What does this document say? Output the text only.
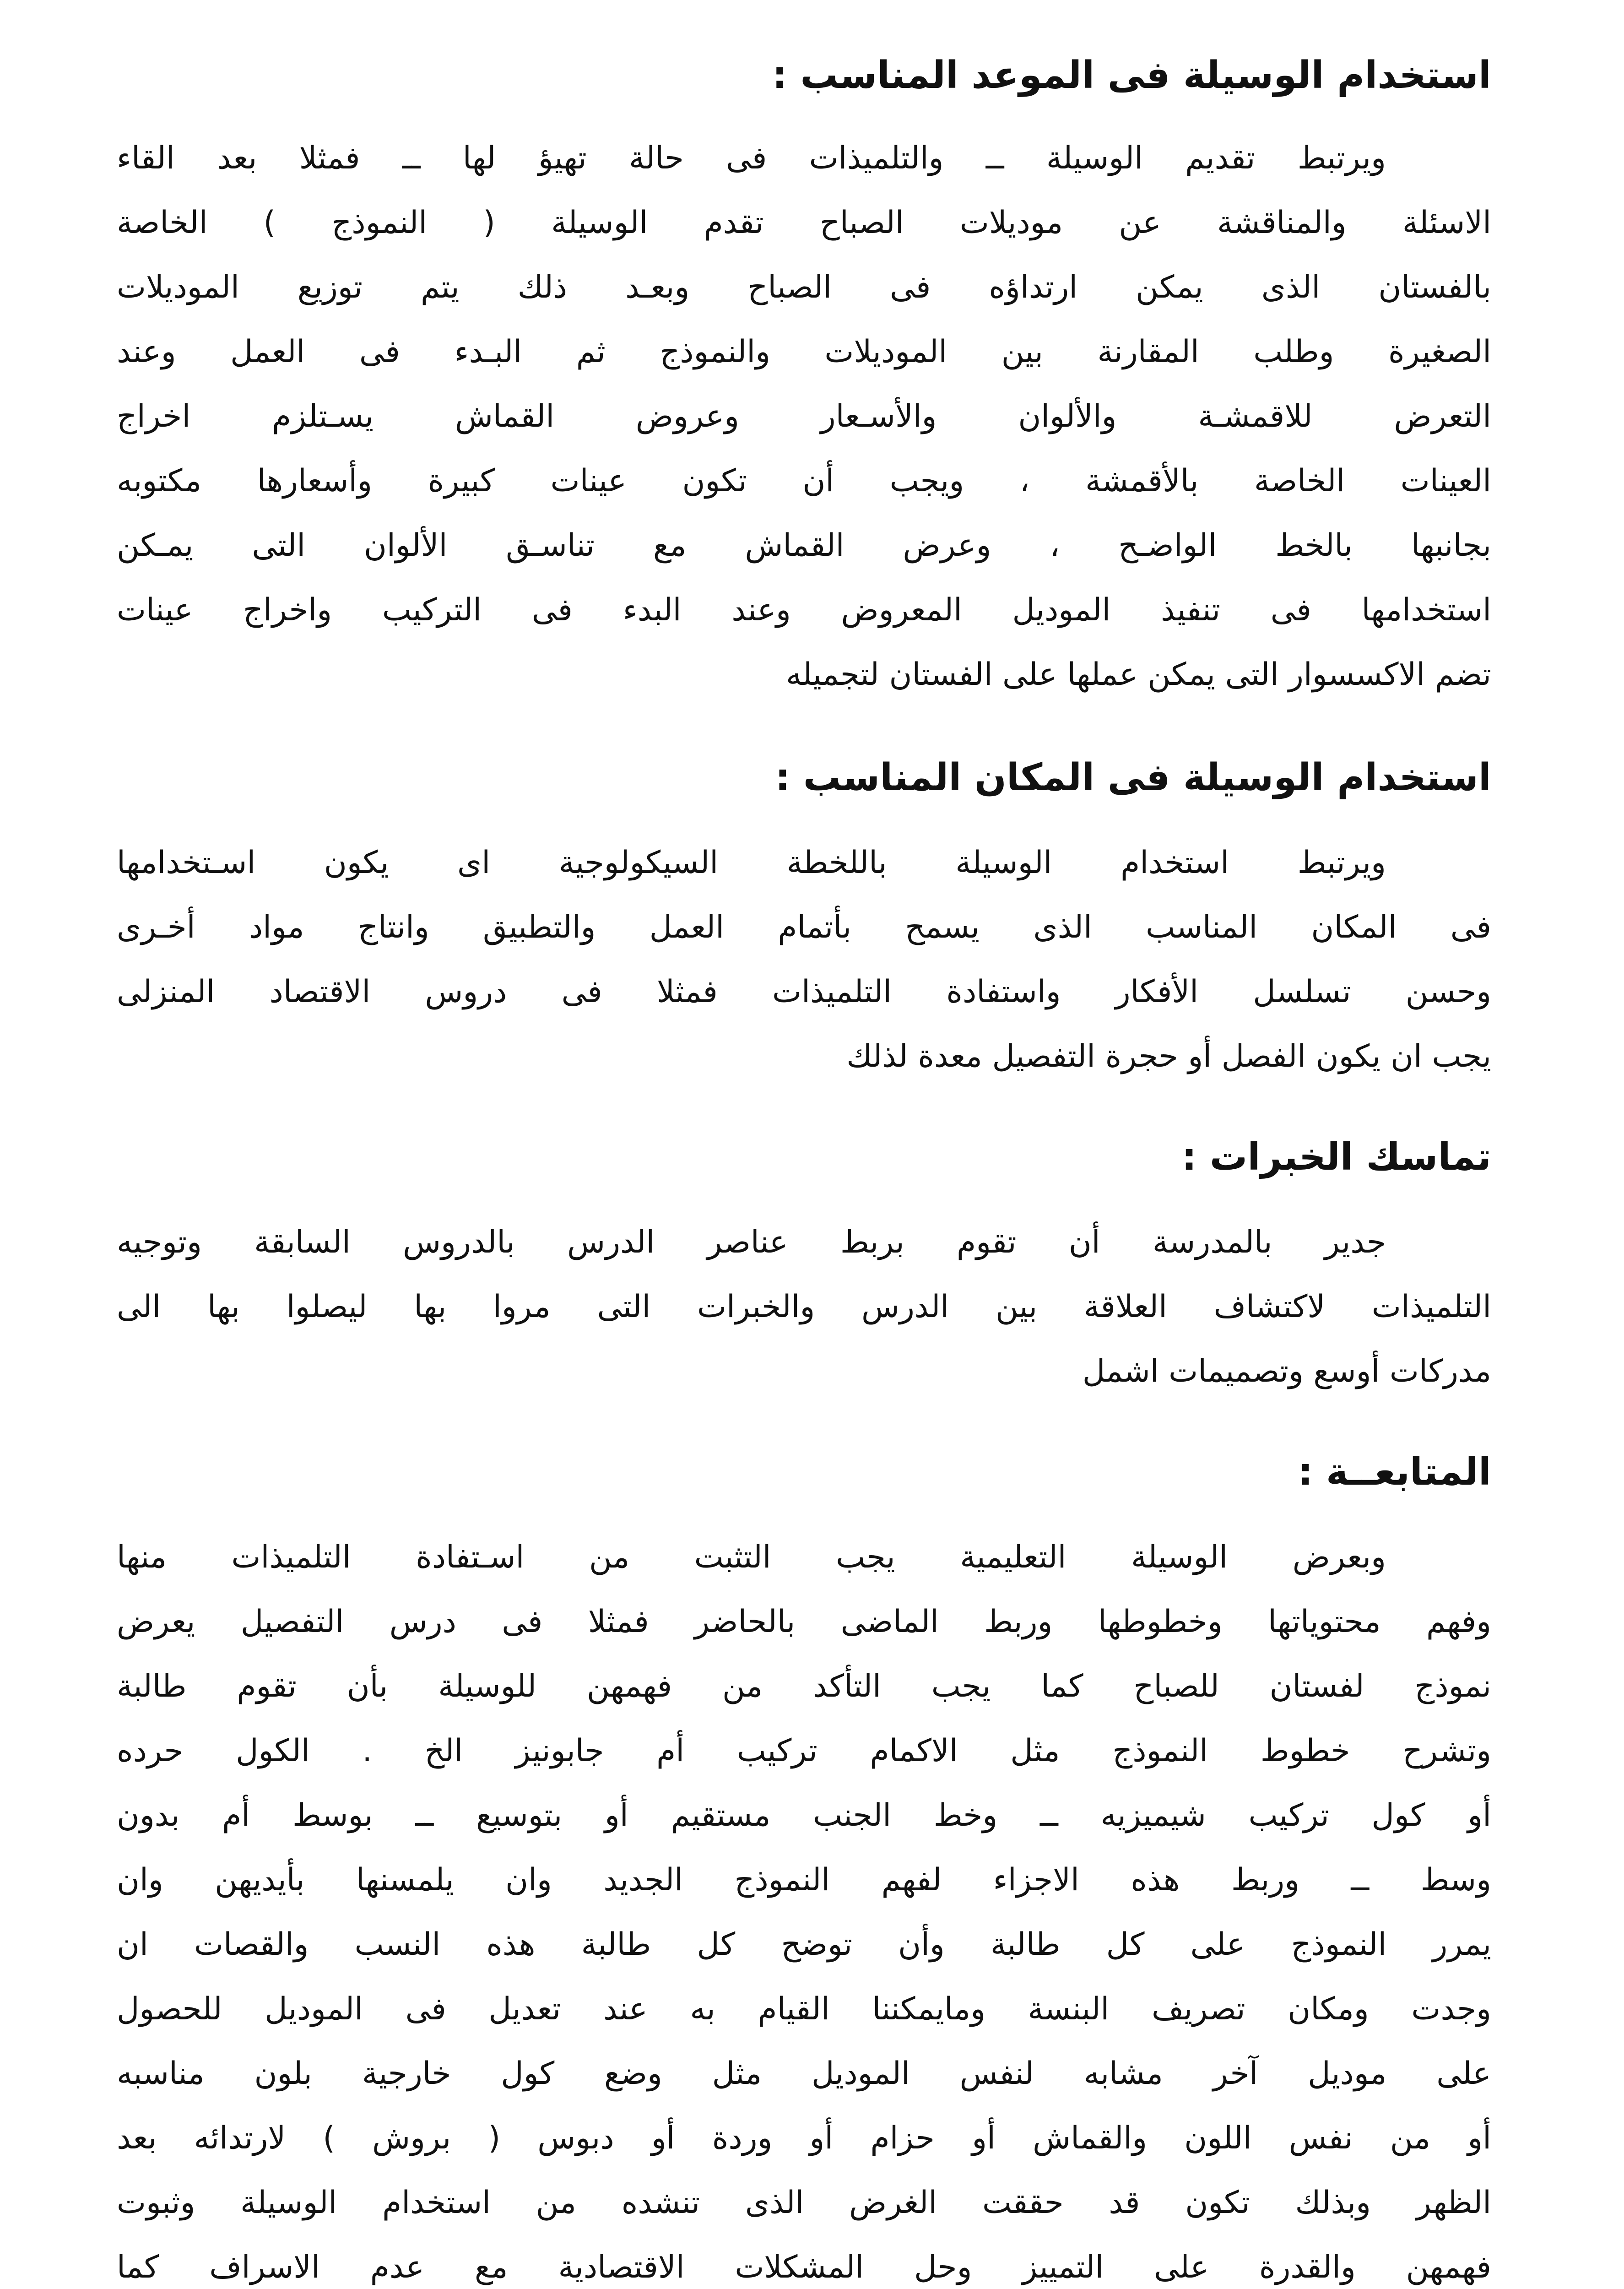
استخدام الوسيلة فى الموعد المناسب :
ويرتبط تقديم الوسيلة ــ والتلميذات فى حالة تهيؤ لها ــ فمثلا بعد القاء
الاسئلة والمناقشة عن موديلات الصباح تقدم الوسيلة ( النموذج ) الخاصة
بالفستان الذى يمكن ارتداؤه فى الصباح وبعـد ذلك يتم توزيع الموديلات
الصغيرة وطلب المقارنة بين الموديلات والنموذج ثم البـدء فى العمل وعند
التعرض للاقمشـة والألوان والأسـعار وعروض القماش يسـتلزم اخراج
العينات الخاصة بالأقمشة ، ويجب أن تكون عينات كبيرة وأسعارها مكتوبه
بجانبها بالخط الواضـح ، وعرض القماش مع تناسـق الألوان التى يمـكن
استخدامها فى تنفيذ الموديل المعروض وعند البدء فى التركيب واخراج عينات
تضم الاكسسوار التى يمكن عملها على الفستان لتجميله
استخدام الوسيلة فى المكان المناسب :
ويرتبط استخدام الوسيلة باللخطة السيكولوجية اى يكون اسـتخدامها
فى المكان المناسب الذى يسمح بأتمام العمل والتطبيق وانتاج مواد أخـرى
وحسن تسلسل الأفكار واستفادة التلميذات فمثلا فى دروس الاقتصاد المنزلى
يجب ان يكون الفصل أو حجرة التفصيل معدة لذلك
تماسك الخبرات :
جدير بالمدرسة أن تقوم بربط عناصر الدرس بالدروس السابقة وتوجيه
التلميذات لاكتشاف العلاقة بين الدرس والخبرات التى مروا بها ليصلوا بها الى
مدركات أوسع وتصميمات اشمل
المتابعــة :
وبعرض الوسيلة التعليمية يجب التثبت من اسـتفادة التلميذات منها
وفهم محتوياتها وخطوطها وربط الماضى بالحاضر فمثلا فى درس التفصيل يعرض
نموذج لفستان للصباح كما يجب التأكد من فهمهن للوسيلة بأن تقوم طالبة
وتشرح خطوط النموذج مثل الاكمام تركيب أم جابونيز الخ . الكول حرده
أو كول تركيب شيميزيه ــ وخط الجنب مستقيم أو بتوسيع ــ بوسط أم بدون
وسط ــ وربط هذه الاجزاء لفهم النموذج الجديد وان يلمسنها بأيديهن وان
يمرر النموذج على كل طالبة وأن توضح كل طالبة هذه النسب والقصات ان
وجدت ومكان تصريف البنسة ومايمكننا القيام به عند تعديل فى الموديل للحصول
على موديل آخر مشابه لنفس الموديل مثل وضع كول خارجية بلون مناسبه
أو من نفس اللون والقماش أو حزام أو وردة أو دبوس ( بروش ) لارتدائه بعد
الظهر وبذلك تكون قد حققت الغرض الذى تنشده من استخدام الوسيلة وثبوت
فهمهن والقدرة على التمييز وحل المشكلات الاقتصادية مع عدم الاسراف كما
